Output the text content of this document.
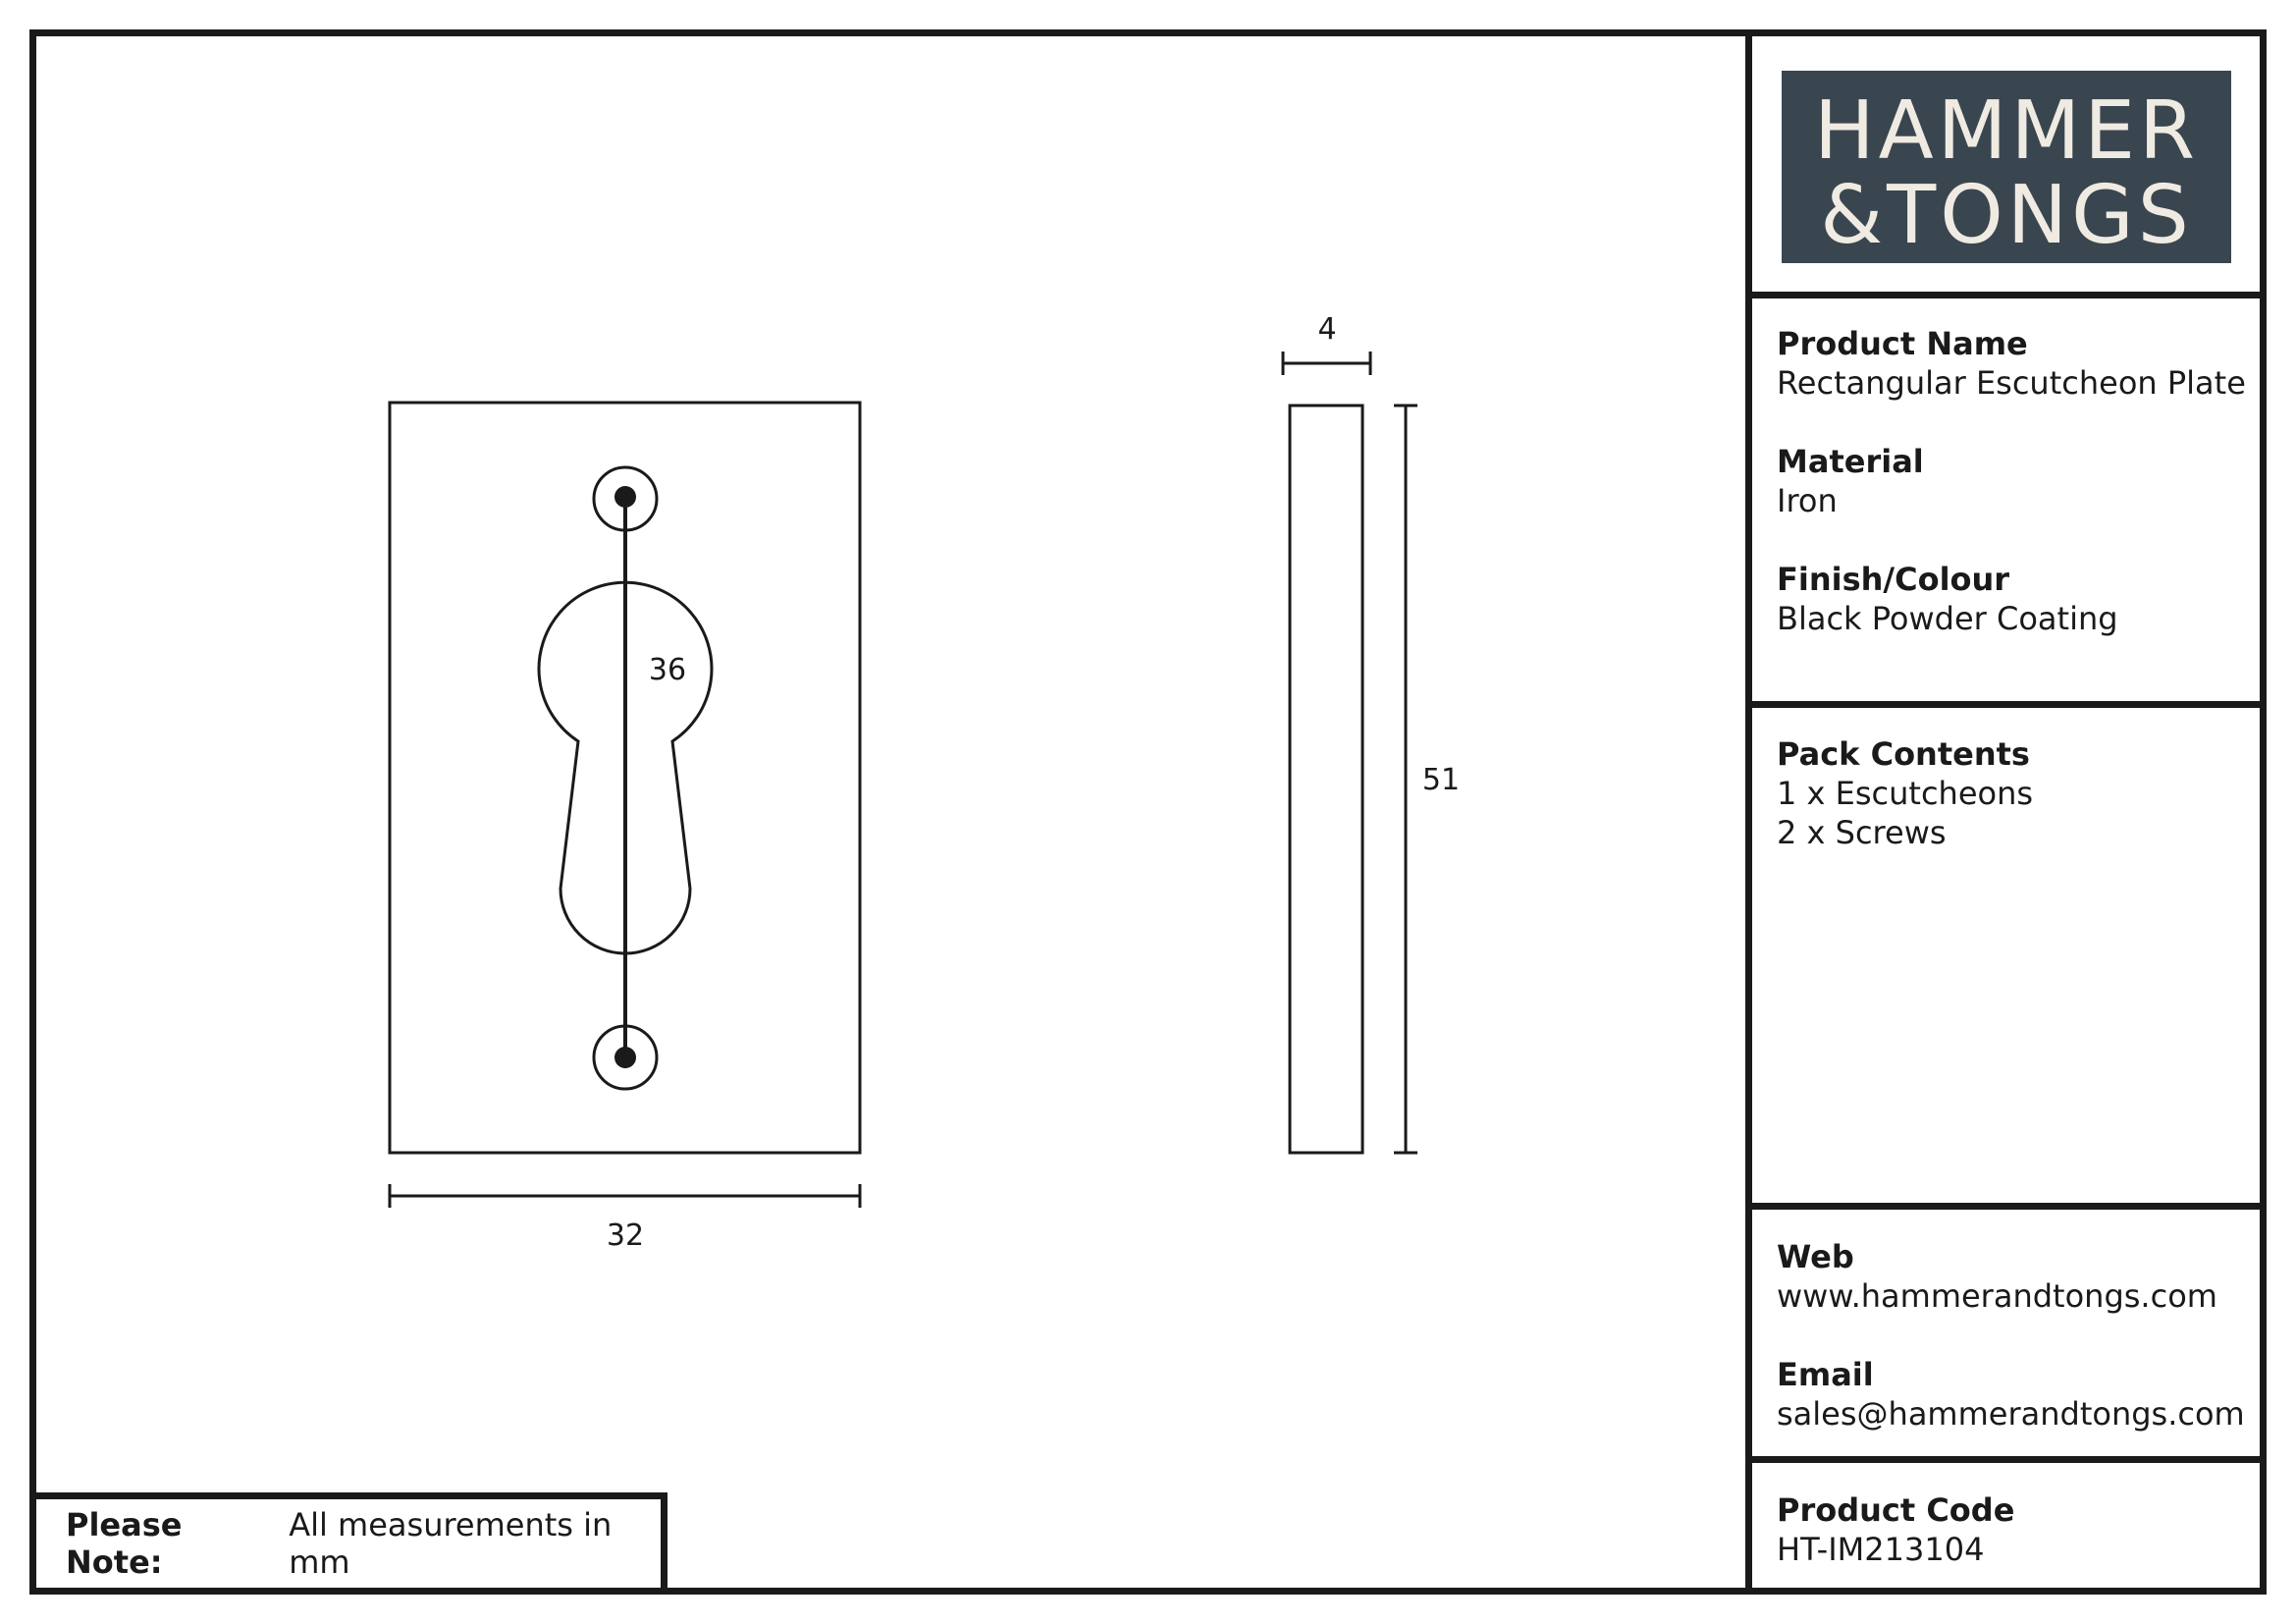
HAMMER
&TONGS
Product Name
Rectangular Escutcheon Plate
Material
Iron
Finish/Colour
Black Powder Coating
Pack Contents
1 x Escutcheons
2 x Screws
Web
www.hammerandtongs.com
Email
sales@hammerandtongs.com
Product Code
HT-IM213104
Please Note:
All measurements in mm
36
32
4
51
